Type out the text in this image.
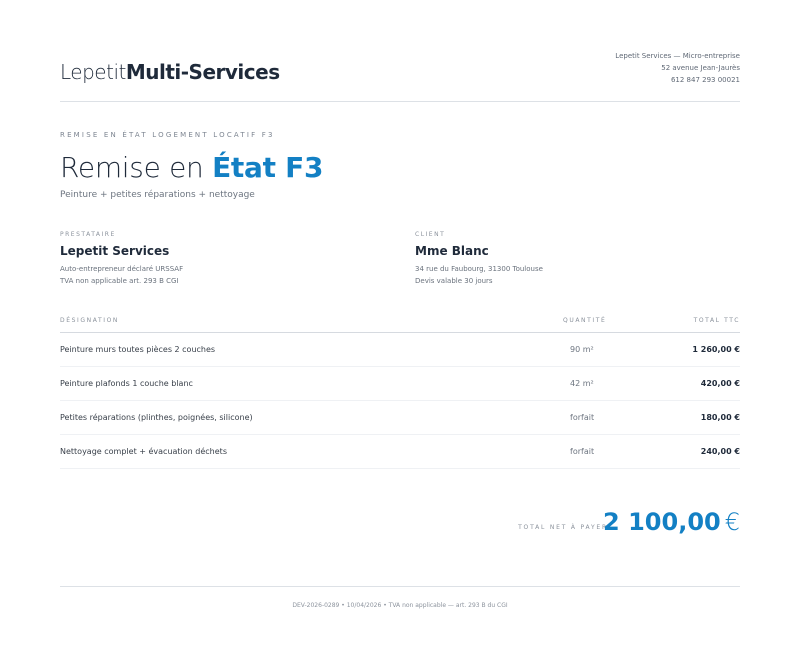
LepetitMulti-Services
Lepetit Services — Micro-entreprise
52 avenue Jean-Jaurès
612 847 293 00021
REMISE EN ÉTAT LOGEMENT LOCATIF F3
Remise en État F3
Peinture + petites réparations + nettoyage
PRESTATAIRE
Lepetit Services
Auto-entrepreneur déclaré URSSAF
TVA non applicable art. 293 B CGI
CLIENT
Mme Blanc
34 rue du Faubourg, 31300 Toulouse
Devis valable 30 jours
DÉSIGNATION	QUANTITÉ	TOTAL TTC
Peinture murs toutes pièces 2 couches	90 m²	1 260,00 €
Peinture plafonds 1 couche blanc	42 m²	420,00 €
Petites réparations (plinthes, poignées, silicone)	forfait	180,00 €
Nettoyage complet + évacuation déchets	forfait	240,00 €
TOTAL NET À PAYER
2 100,00 €
DEV-2026-0289 • 10/04/2026 • TVA non applicable — art. 293 B du CGI
